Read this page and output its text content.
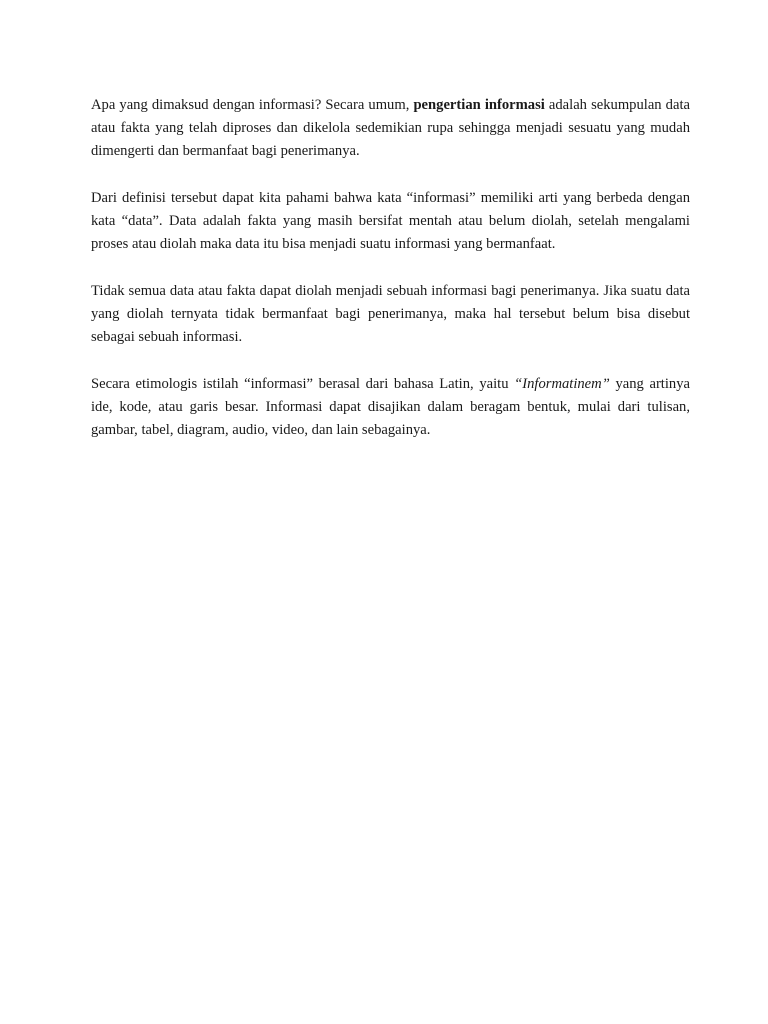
Apa yang dimaksud dengan informasi? Secara umum, pengertian informasi adalah sekumpulan data atau fakta yang telah diproses dan dikelola sedemikian rupa sehingga menjadi sesuatu yang mudah dimengerti dan bermanfaat bagi penerimanya.

Dari definisi tersebut dapat kita pahami bahwa kata “informasi” memiliki arti yang berbeda dengan kata “data”. Data adalah fakta yang masih bersifat mentah atau belum diolah, setelah mengalami proses atau diolah maka data itu bisa menjadi suatu informasi yang bermanfaat.

Tidak semua data atau fakta dapat diolah menjadi sebuah informasi bagi penerimanya. Jika suatu data yang diolah ternyata tidak bermanfaat bagi penerimanya, maka hal tersebut belum bisa disebut sebagai sebuah informasi.

Secara etimologis istilah “informasi” berasal dari bahasa Latin, yaitu “Informatinem” yang artinya ide, kode, atau garis besar. Informasi dapat disajikan dalam beragam bentuk, mulai dari tulisan, gambar, tabel, diagram, audio, video, dan lain sebagainya.
